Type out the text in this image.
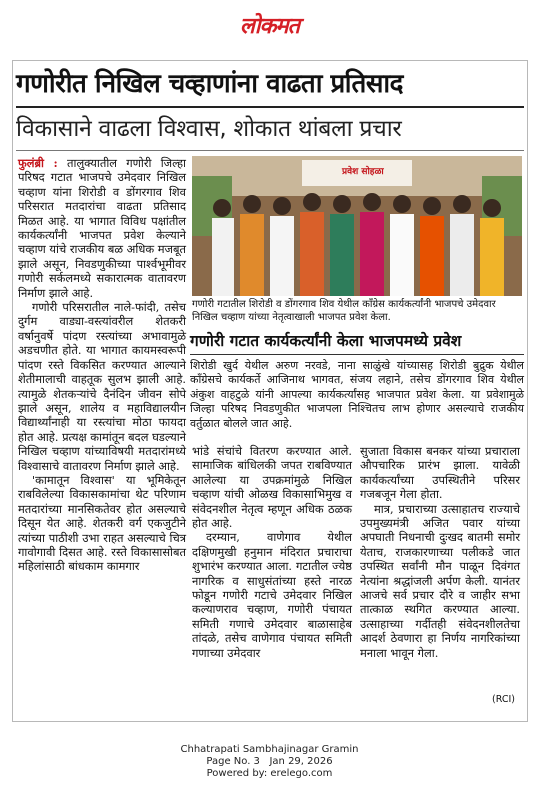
लोकमत
गणोरीत निखिल चव्हाणांना वाढता प्रतिसाद
विकासाने वाढला विश्वास, शोकात थांबला प्रचार

फुलंब्री : तालुक्यातील गणोरी जिल्हा परिषद गटात भाजपचे उमेदवार निखिल चव्हाण यांना शिरोडी व डोंगरगाव शिव परिसरात मतदारांचा वाढता प्रतिसाद मिळत आहे. या भागात विविध पक्षांतील कार्यकर्त्यांनी भाजपत प्रवेश केल्याने चव्हाण यांचे राजकीय बळ अधिक मजबूत झाले असून, निवडणुकीच्या पार्श्वभूमीवर गणोरी सर्कलमध्ये सकारात्मक वातावरण निर्माण झाले आहे.

गणोरी परिसरातील नाले-फांदी, तसेच दुर्गम वाड्या-वस्त्यांवरील शेतकरी वर्षानुवर्षे पांदण रस्त्यांच्या अभावामुळे अडचणीत होते. या भागात कायमस्वरूपी पांदण रस्ते विकसित करण्यात आल्याने शेतीमालाची वाहतूक सुलभ झाली आहे. त्यामुळे शेतकऱ्यांचे दैनंदिन जीवन सोपे झाले असून, शालेय व महाविद्यालयीन विद्यार्थ्यांनाही या रस्त्यांचा मोठा फायदा होत आहे. प्रत्यक्ष कामांतून बदल घडल्याने निखिल चव्हाण यांच्याविषयी मतदारांमध्ये विश्वासाचे वातावरण निर्माण झाले आहे.

'कामातून विश्वास' या भूमिकेतून राबविलेल्या विकासकामांचा थेट परिणाम मतदारांच्या मानसिकतेवर होत असल्याचे दिसून येत आहे. शेतकरी वर्ग एकजुटीने त्यांच्या पाठीशी उभा राहत असल्याचे चित्र गावोगावी दिसत आहे. रस्ते विकासासोबत महिलांसाठी बांधकाम कामगार

प्रवेश सोहळा
गणोरी गटातील शिरोडी व डोंगरगाव शिव येथील काँग्रेस कार्यकर्त्यांनी भाजपचे उमेदवार निखिल चव्हाण यांच्या नेतृत्वाखाली भाजपत प्रवेश केला.
गणोरी गटात कार्यकर्त्यांनी केला भाजपमध्ये प्रवेश
शिरोडी खुर्द येथील अरुण नरवडे, नाना साळुंखे यांच्यासह शिरोडी बुद्रुक येथील काँग्रेसचे कार्यकर्ते आजिनाथ भागवत, संजय लहाने, तसेच डोंगरगाव शिव येथील अंकुश वाहटुळे यांनी आपल्या कार्यकर्त्यांसह भाजपात प्रवेश केला. या प्रवेशामुळे जिल्हा परिषद निवडणुकीत भाजपला निश्चितच लाभ होणार असल्याचे राजकीय वर्तुळात बोलले जात आहे.

भांडे संचांचे वितरण करण्यात आले. सामाजिक बांधिलकी जपत राबविण्यात आलेल्या या उपक्रमांमुळे निखिल चव्हाण यांची ओळख विकासाभिमुख व संवेदनशील नेतृत्व म्हणून अधिक ठळक होत आहे.

दरम्यान, वाणेगाव येथील दक्षिणमुखी हनुमान मंदिरात प्रचाराचा शुभारंभ करण्यात आला. गटातील ज्येष्ठ नागरिक व साधुसंतांच्या हस्ते नारळ फोडून गणोरी गटाचे उमेदवार निखिल कल्याणराव चव्हाण, गणोरी पंचायत समिती गणाचे उमेदवार बाळासाहेब तांदळे, तसेच वाणेगाव पंचायत समिती गणाच्या उमेदवार

सुजाता विकास बनकर यांच्या प्रचाराला औपचारिक प्रारंभ झाला. यावेळी कार्यकर्त्यांच्या उपस्थितीने परिसर गजबजून गेला होता.

मात्र, प्रचाराच्या उत्साहातच राज्याचे उपमुख्यमंत्री अजित पवार यांच्या अपघाती निधनाची दुःखद बातमी समोर येताच, राजकारणाच्या पलीकडे जात उपस्थित सर्वांनी मौन पाळून दिवंगत नेत्यांना श्रद्धांजली अर्पण केली. यानंतर आजचे सर्व प्रचार दौरे व जाहीर सभा तात्काळ स्थगित करण्यात आल्या. उत्साहाच्या गर्दीतही संवेदनशीलतेचा आदर्श ठेवणारा हा निर्णय नागरिकांच्या मनाला भावून गेला.

(RCI)
Chhatrapati Sambhajinagar Gramin
Page No. 3 Jan 29, 2026
Powered by: erelego.com
